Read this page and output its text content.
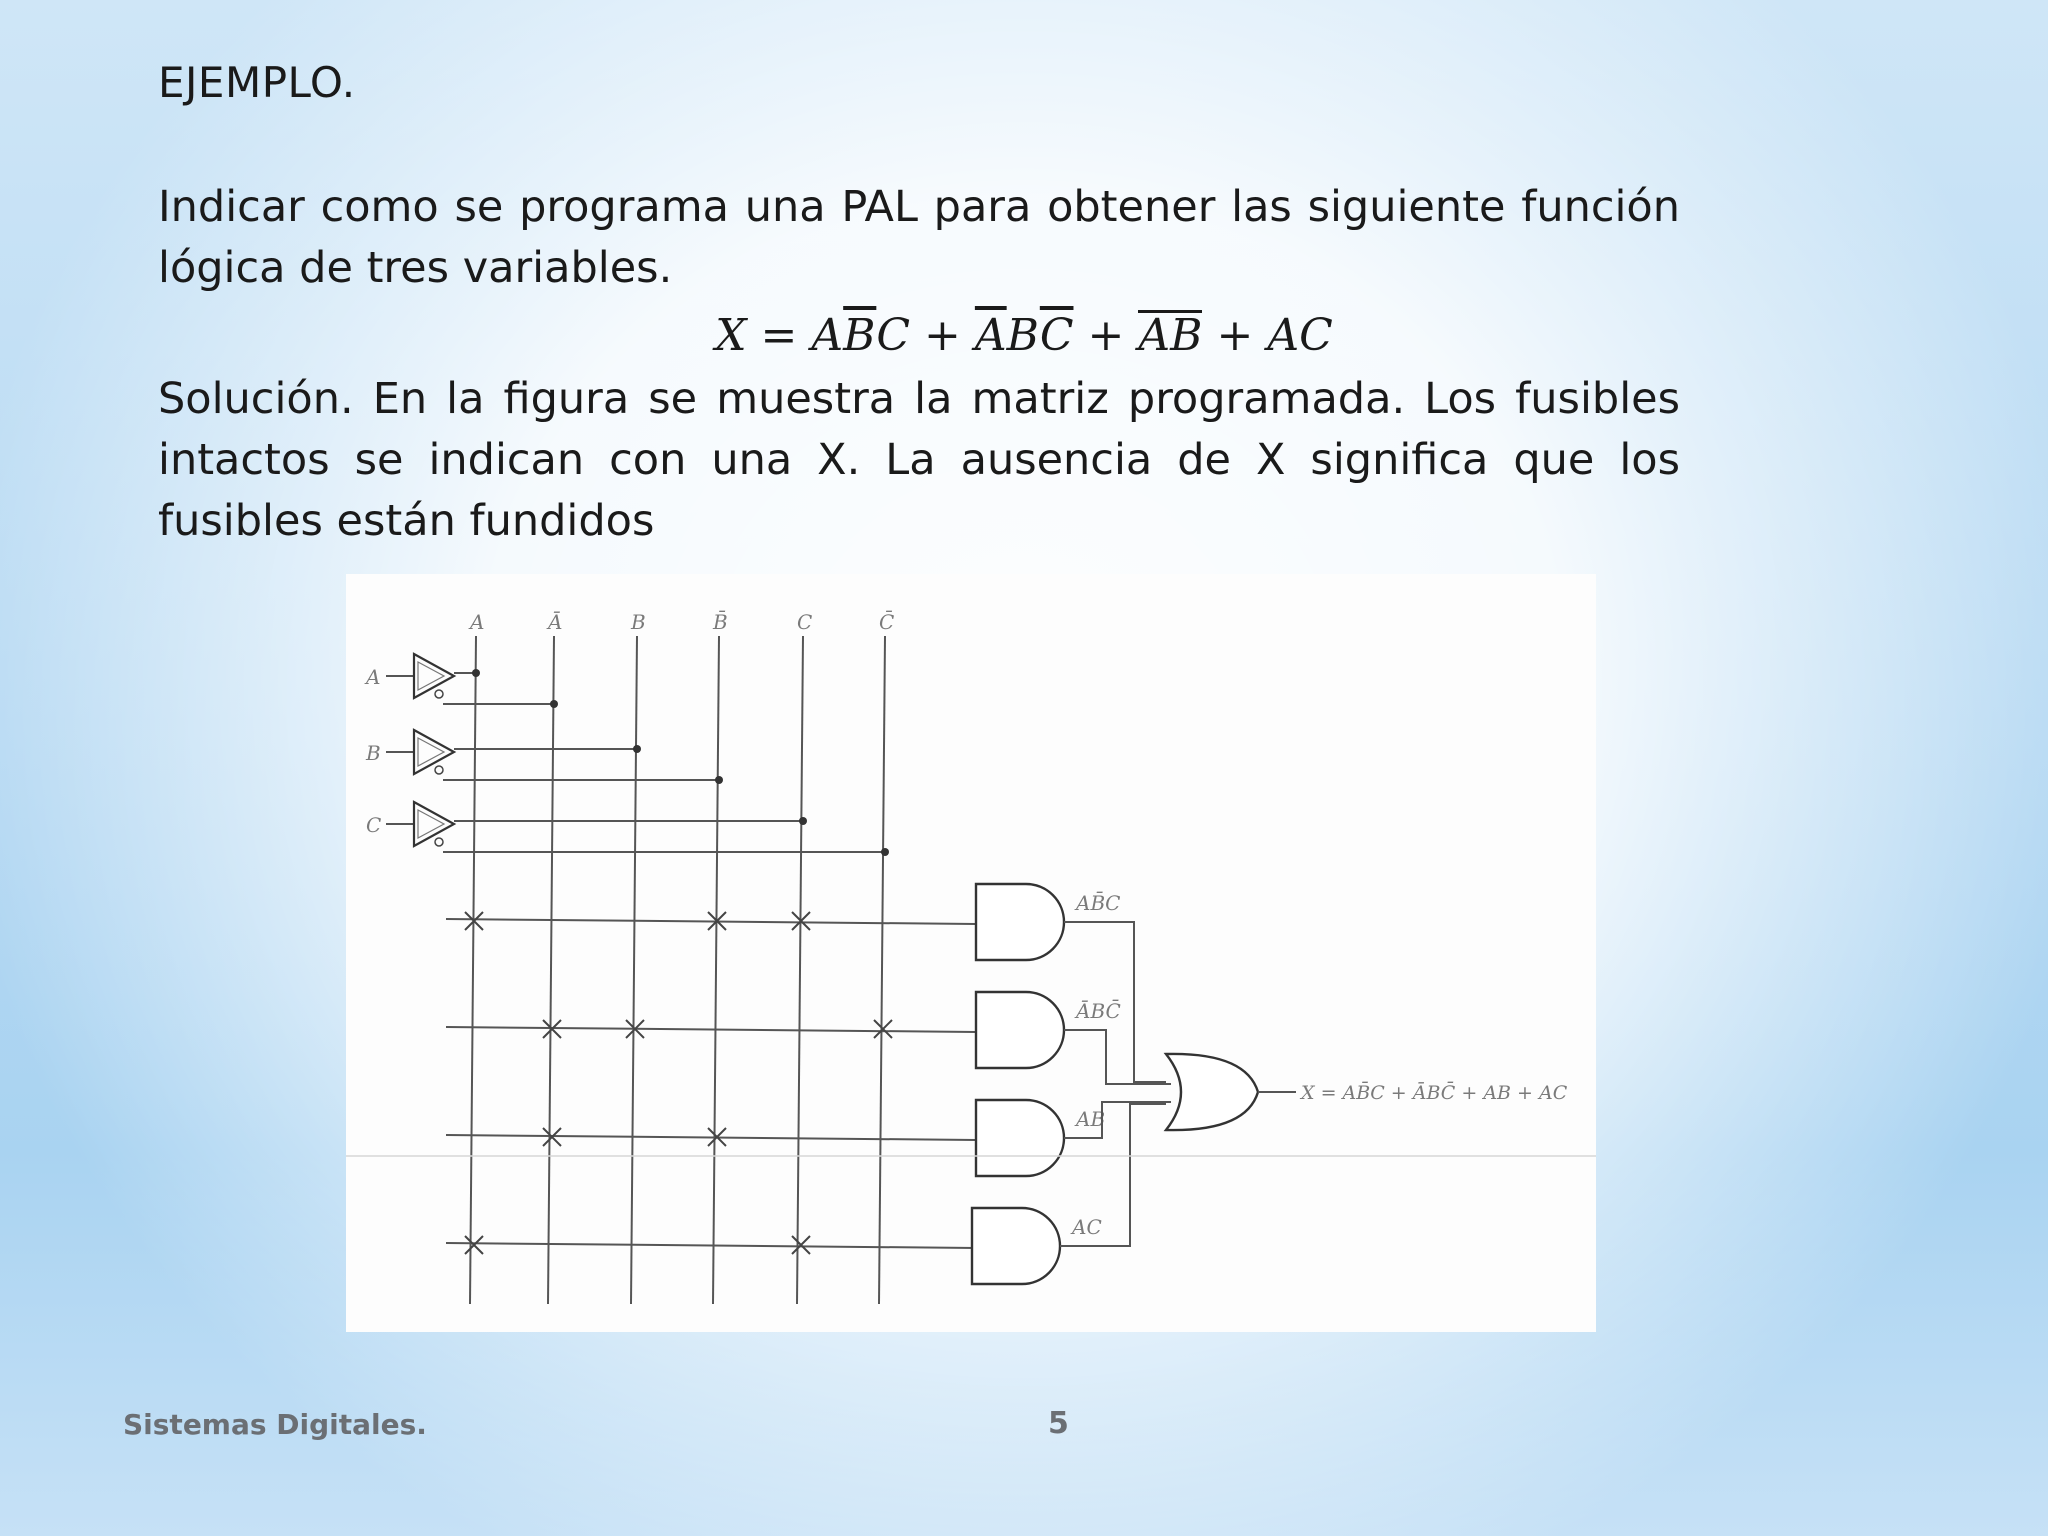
EJEMPLO.
Indicar como se programa una PAL para obtener las siguiente función lógica de tres variables.
$X = A\overline{B}C + \overline{A}B\overline{C}$ + AB + AC
Solución. En la figura se muestra la matriz programada. Los fusibles intactos se indican con una X. La ausencia de X significa que los fusibles están fundidos
A	Ā	B	B̄	C	C̄
A
B
C
AB̄C
ĀBC̄
AB
AC
X = AB̄C + ĀBC̄ + AB + AC
Sistemas Digitales.	5
